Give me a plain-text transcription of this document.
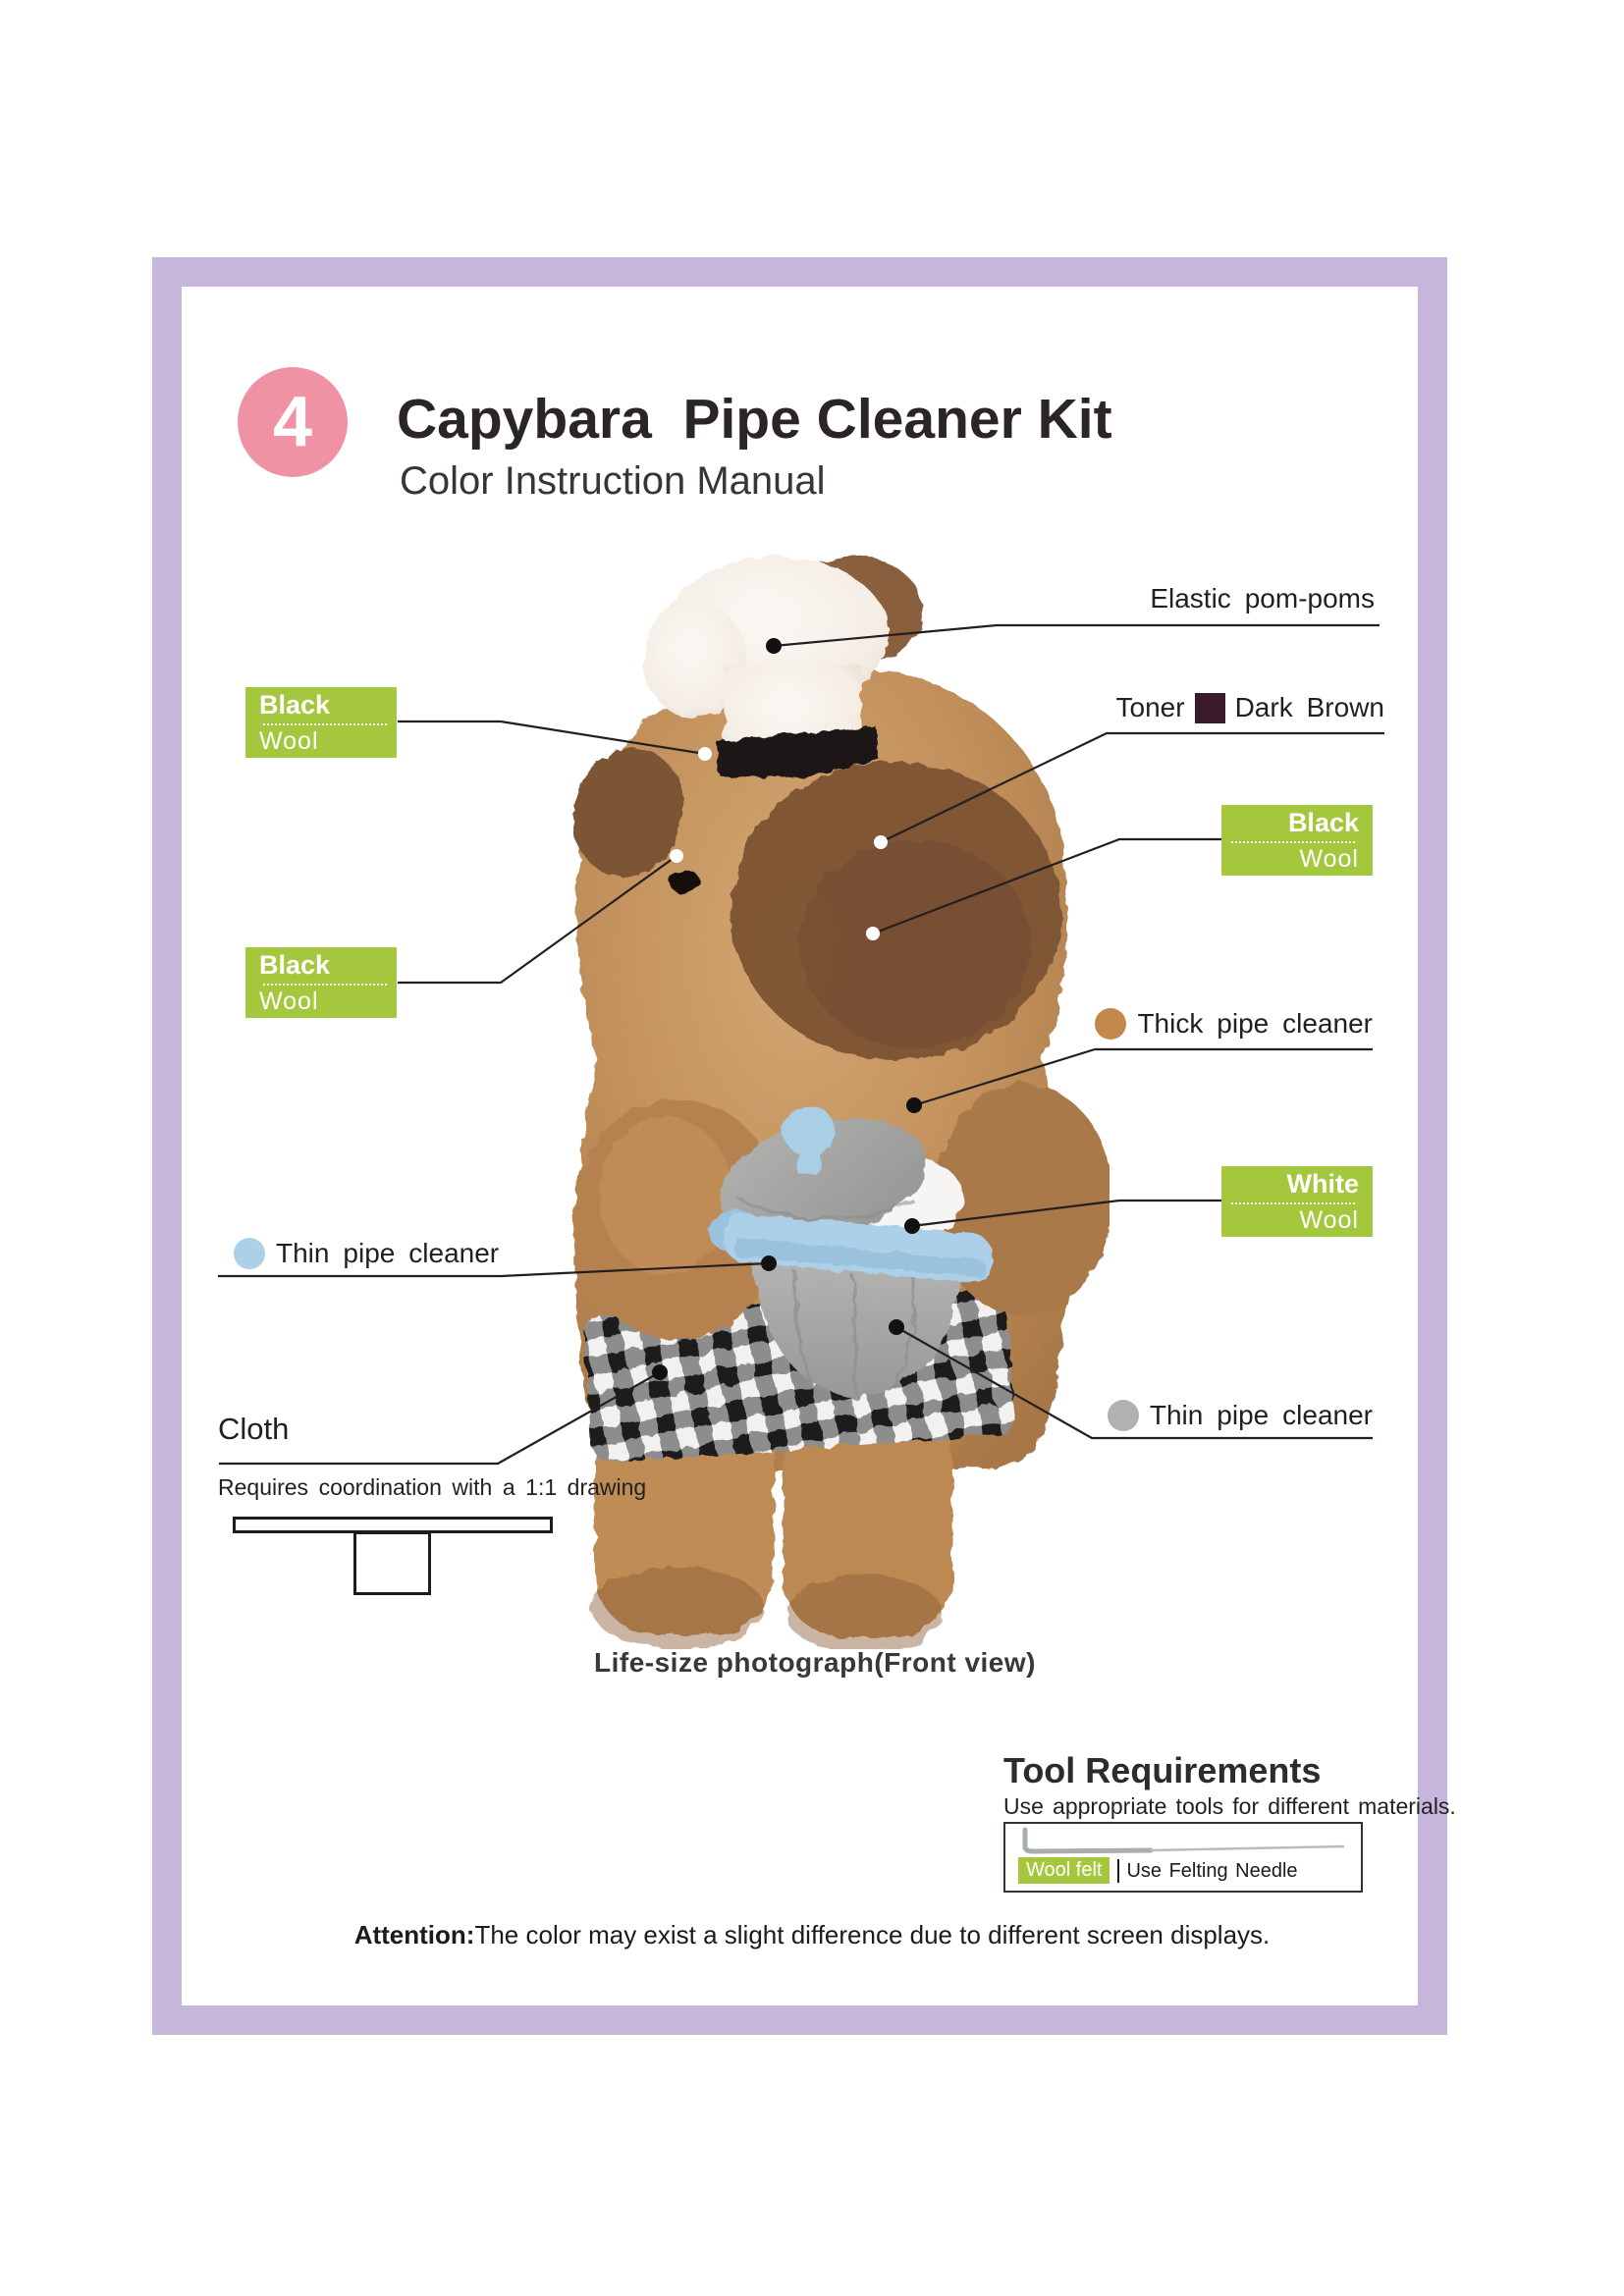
4 Capybara  Pipe Cleaner Kit
Color Instruction Manual
Elastic pom-poms
Toner Dark Brown
Black
Wool
Thick pipe cleaner
White
Wool
Thin pipe cleaner
Black
Wool
Black
Wool
Thin pipe cleaner
Cloth
Requires coordination with a 1:1 drawing
Life-size photograph(Front view)
Tool Requirements
Use appropriate tools for different materials.
Wool felt	Use Felting Needle
Attention:The color may exist a slight difference due to different screen displays.
